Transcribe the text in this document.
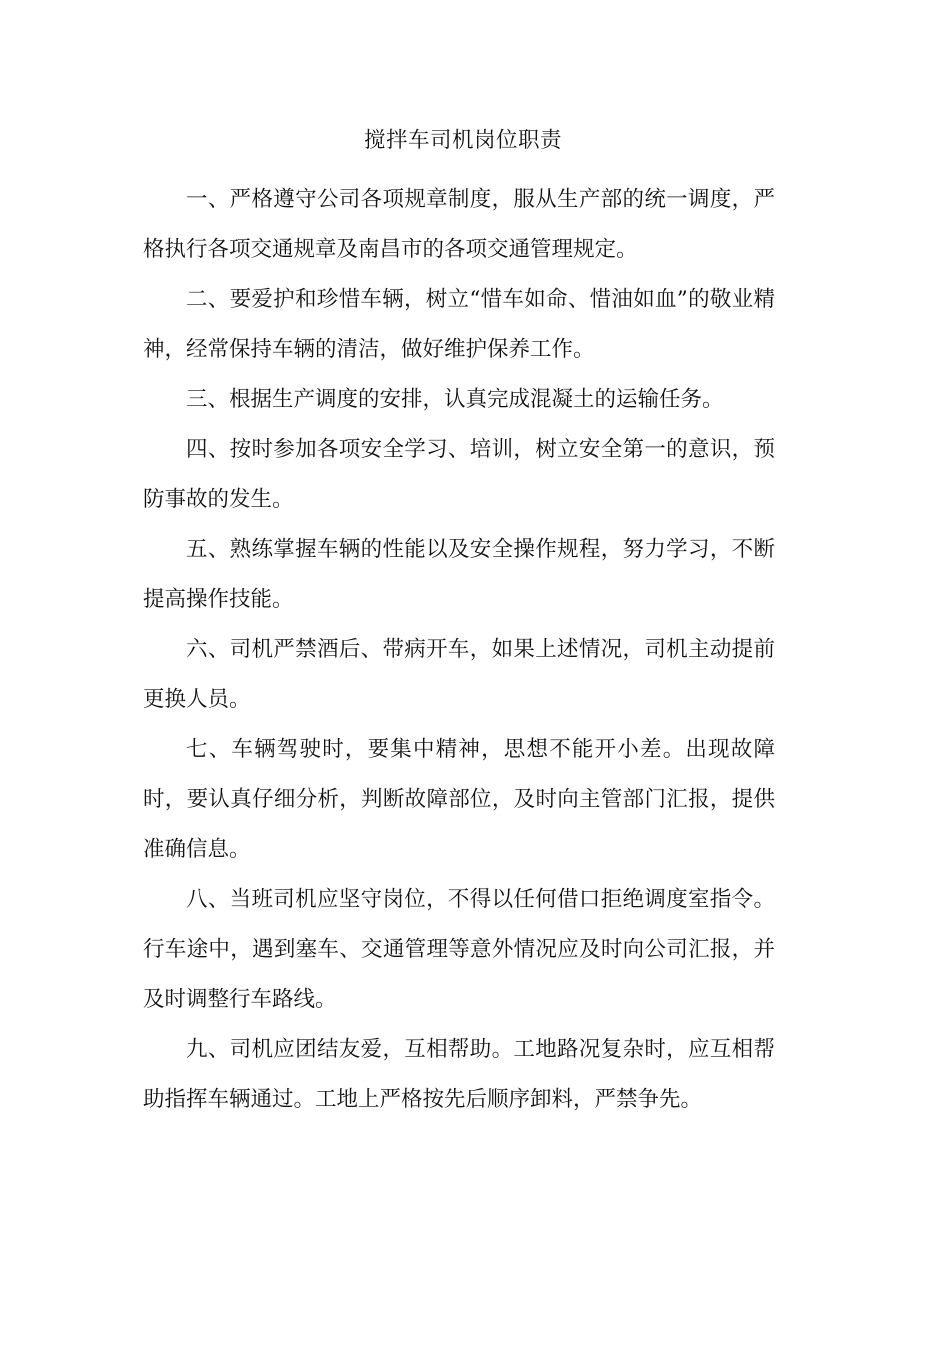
搅拌车司机岗位职责

一、严格遵守公司各项规章制度，服从生产部的统一调度，严格执行各项交通规章及南昌市的各项交通管理规定。

二、要爱护和珍惜车辆，树立“惜车如命、惜油如血”的敬业精神，经常保持车辆的清洁，做好维护保养工作。

三、根据生产调度的安排，认真完成混凝土的运输任务。

四、按时参加各项安全学习、培训，树立安全第一的意识，预防事故的发生。

五、熟练掌握车辆的性能以及安全操作规程，努力学习，不断提高操作技能。

六、司机严禁酒后、带病开车，如果上述情况，司机主动提前更换人员。

七、车辆驾驶时，要集中精神，思想不能开小差。出现故障时，要认真仔细分析，判断故障部位，及时向主管部门汇报，提供准确信息。

八、当班司机应坚守岗位，不得以任何借口拒绝调度室指令。行车途中，遇到塞车、交通管理等意外情况应及时向公司汇报，并及时调整行车路线。

九、司机应团结友爱，互相帮助。工地路况复杂时，应互相帮助指挥车辆通过。工地上严格按先后顺序卸料，严禁争先。
